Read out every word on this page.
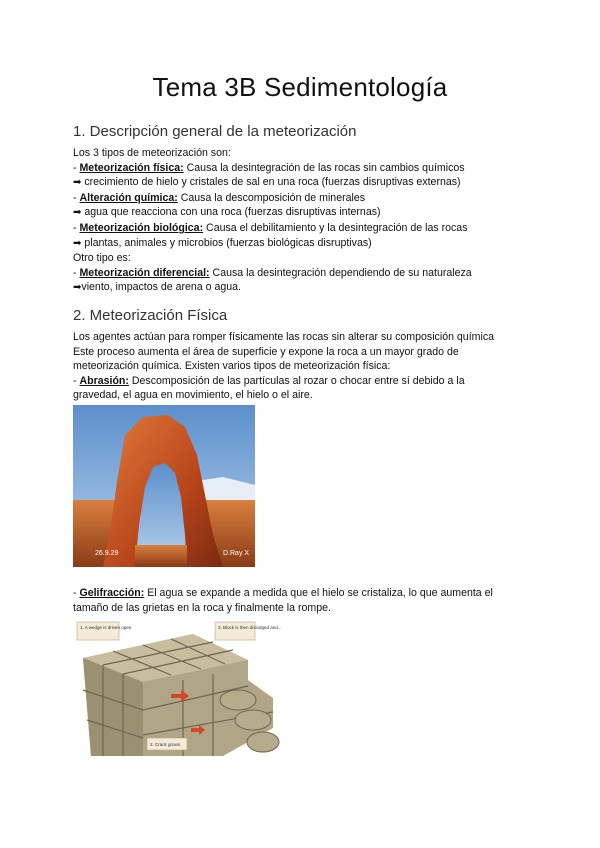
Tema 3B Sedimentología
1. Descripción general de la meteorización

Los 3 tipos de meteorización son:

- Meteorización física: Causa la desintegración de las rocas sin cambios químicos

➡ crecimiento de hielo y cristales de sal en una roca (fuerzas disruptivas externas)

- Alteración química: Causa la descomposición de minerales

➡ agua que reacciona con una roca (fuerzas disruptivas internas)

- Meteorización biológica: Causa el debilitamiento y la desintegración de las rocas

➡ plantas, animales y microbios (fuerzas biológicas disruptivas)

Otro tipo es:

- Meteorización diferencial: Causa la desintegración dependiendo de su naturaleza

➡viento, impactos de arena o agua.

2. Meteorización Física

Los agentes actúan para romper físicamente las rocas sin alterar su composición química

Este proceso aumenta el área de superficie y expone la roca a un mayor grado de

meteorización química. Existen varios tipos de meteorización física:

- Abrasión: Descomposición de las partículas al rozar o chocar entre sí debido a la

gravedad, el agua en movimiento, el hielo o el aire.

26.9.29	D.Ray X

- Gelifracción: El agua se expande a medida que el hielo se cristaliza, lo que aumenta el

tamaño de las grietas en la roca y finalmente la rompe.

1. A wedge is driven open.	3. Block is then dislodged and...
2. Crack grows.
